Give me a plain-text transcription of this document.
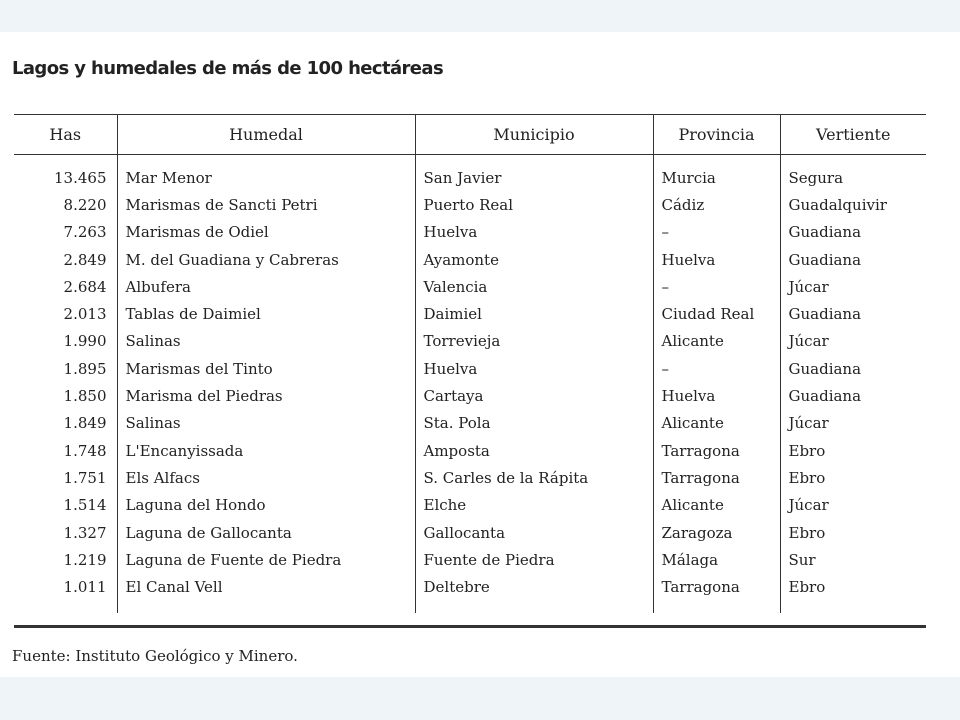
Lagos y humedales de más de 100 hectáreas
Has	Humedal	Municipio	Provincia	Vertiente
13.465	Mar Menor	San Javier	Murcia	Segura
8.220	Marismas de Sancti Petri	Puerto Real	Cádiz	Guadalquivir
7.263	Marismas de Odiel	Huelva	–	Guadiana
2.849	M. del Guadiana y Cabreras	Ayamonte	Huelva	Guadiana
2.684	Albufera	Valencia	–	Júcar
2.013	Tablas de Daimiel	Daimiel	Ciudad Real	Guadiana
1.990	Salinas	Torrevieja	Alicante	Júcar
1.895	Marismas del Tinto	Huelva	–	Guadiana
1.850	Marisma del Piedras	Cartaya	Huelva	Guadiana
1.849	Salinas	Sta. Pola	Alicante	Júcar
1.748	L'Encanyissada	Amposta	Tarragona	Ebro
1.751	Els Alfacs	S. Carles de la Rápita	Tarragona	Ebro
1.514	Laguna del Hondo	Elche	Alicante	Júcar
1.327	Laguna de Gallocanta	Gallocanta	Zaragoza	Ebro
1.219	Laguna de Fuente de Piedra	Fuente de Piedra	Málaga	Sur
1.011	El Canal Vell	Deltebre	Tarragona	Ebro

Fuente: Instituto Geológico y Minero.
